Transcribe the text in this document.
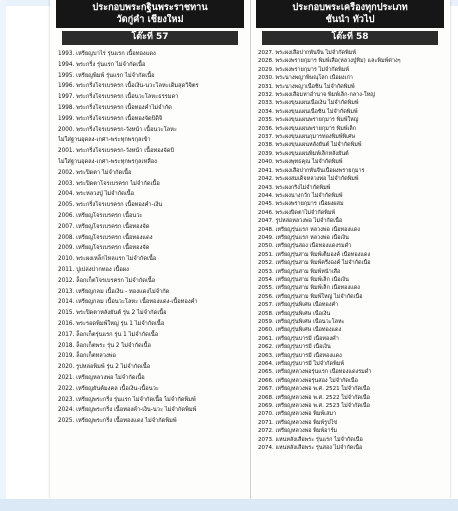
ประกอบพระกฐินพระราชทาน
วัดกู่คำ เชียงใหม่
โต๊ะที่ 57
1993. เหรียญบาไร่ รุ่นแรก เนื้อทองแดง
1994. พระกริ่ง รุ่นแรก ไม่จำกัดเนื้อ
1995. เหรียญพิมพ์ รุ่นแรก ไม่จำกัดเนื้อ
1996. พระกริ่งโจรเบรครก เนื้อเงิน-นวะโลหะเดิมสุดวิจิตร
1997. พระกริ่งโจรเบรครก เนื้อนวะโลหะธรรมดา
1998. พระกริ่งโจรเบรครก เนื้อทองคำไม่จำกัด
1999. พระกริ่งโจรเบรครก เนื้อทองจัดบิดิจิ
2000. พระกริ่งโจรเบรครก-วังหน้า เนื้อนวะโลหะ
ไม่ใส่ฐานอุดลง-เกศา-พระทุกพรกุลเข้า
2001. พระกริ่งโจรเบรครก-วังหน้า เนื้อทองจัดบิ
ไม่ใส่ฐานอุดลง-เกศา-พระทุกพรกุลเหลือง
2002. พระปิดตา ไม่จำกัดเนื้อ
2003. พระปิดตาโจรเบรครก ไม่จำกัดเนื้อ
2004. พระหลวงปู่ ไม่จำกัดเนื้อ
2005. พระกริ่งโจรเบรครก เนื้อทองคำ-เงิน
2006. เหรียญโจรเบรครก เนื้อนวะ
2007. เหรียญโจรเบรครก เนื้อทองจัด
2008. เหรียญโจรเบรครก เนื้อทองแดง
2009. เหรียญโจรเบรครก เนื้อทองจัด
2010. พระผงเหล็กไหลแรก ไม่จำกัดเนื้อ
2011. ปูเปล่งปากทอง เนื้อผง
2012. ล็อกเก็ตโจรเบรครก ไม่จำกัดเนื้อ
2013. เหรียญกลม เนื้อเงิน - ทองแดงไม่จำกัด
2014. เหรียญกลม เนื้อนวะโลหะ เนื้อทองแดง-เนื้อทองคำ
2015. พระปิดตาหลังยันต์ รุ่น 2 ไม่จำกัดเนื้อ
2016. พระรอดพิมพ์ใหญ่ รุ่น 1 ไม่จำกัดเนื้อ
2017. ล็อกเก็ตรุ่นแรก รุ่น 1 ไม่จำกัดเนื้อ
2018. ล็อกเก็ตพระ รุ่น 2 ไม่จำกัดเนื้อ
2019. ล็อกเก็ตหลวงพ่อ
2020. รูปหล่อพิมพ์ รุ่น 2 ไม่จำกัดเนื้อ
2021. เหรียญหลวงพ่อ ไม่จำกัดเนื้อ
2022. เหรียญยันต์มงคล เนื้อเงิน-เนื้อนวะ
2023. เหรียญพระกริ่ง รุ่นแรก ไม่จำกัดเนื้อ ไม่จำกัดพิมพ์
2024. เหรียญพระกริ่ง เนื้อทองคำ-เงิน-นวะ ไม่จำกัดพิมพ์
2025. เหรียญพระกริ่ง เนื้อทองแดง ไม่จำกัดพิมพ์
ประกอบพระเครื่องทุกประเภท
ชั้นนำ ทั่วไป
โต๊ะที่ 58
2027. พระผงเสือปากพันจีน ไม่จำกัดพิมพ์
2028. พระผงพรายกุมาร พิมพ์เสือ(หลวงปู่ทิม) และพิมพ์ต่างๆ
2029. พระผงพรายกุมาร ไม่จำกัดพิมพ์
2030. พระนางพญาพิษณุโลก เนื้อผงเก่า
2031. พระนางพญาเนื้อชิน ไม่จำกัดพิมพ์
2032. พระผงเสือมหาอำนาจ พิมพ์เล็ก-กลาง-ใหญ่
2033. พระผงขุนแผนเนื้อเงิน ไม่จำกัดพิมพ์
2034. พระผงขุนแผนเนื้อชิน ไม่จำกัดพิมพ์
2035. พระผงขุนแผนพรายกุมาร พิมพ์ใหญ่
2036. พระผงขุนแผนพรายกุมาร พิมพ์เล็ก
2037. พระผงขุนแผนกุมารทองพิมพ์พิเศษ
2038. พระผงขุนแผนหลังยันต์ ไม่จำกัดพิมพ์
2039. พระผงขุนแผนพิมพ์เล็กหลังยันต์
2040. พระผงพุทธคุณ ไม่จำกัดพิมพ์
2041. พระผงเสือปากพันจีนเนื้อผงพรายกุมาร
2042. พระผงสมเด็จหลวงพ่อ ไม่จำกัดพิมพ์
2043. พระผงกริ่งไม่จำกัดพิมพ์
2044. พระผงนางกวัก ไม่จำกัดพิมพ์
2045. พระผงพรายกุมาร เนื้อผงผสม
2046. พระผงปิดตาไม่จำกัดพิมพ์
2047. รูปหล่อหลวงพ่อ ไม่จำกัดเนื้อ
2048. เหรียญรุ่นแรก หลวงพ่อ เนื้อทองแดง
2049. เหรียญรุ่นแรก หลวงพ่อ เนื้อเงิน
2050. เหรียญรุ่นสอง เนื้อทองแดงรมดำ
2051. เหรียญรุ่นสาม พิมพ์เต็มองค์ เนื้อทองแดง
2052. เหรียญรุ่นสาม พิมพ์ครึ่งองค์ ไม่จำกัดเนื้อ
2053. เหรียญรุ่นสาม พิมพ์หน้าเสือ
2054. เหรียญรุ่นสาม พิมพ์เล็ก เนื้อเงิน
2055. เหรียญรุ่นสาม พิมพ์เล็ก เนื้อทองแดง
2056. เหรียญรุ่นสาม พิมพ์ใหญ่ ไม่จำกัดเนื้อ
2057. เหรียญรุ่นพิเศษ เนื้อทองคำ
2058. เหรียญรุ่นพิเศษ เนื้อเงิน
2059. เหรียญรุ่นพิเศษ เนื้อนวะโลหะ
2060. เหรียญรุ่นพิเศษ เนื้อทองแดง
2061. เหรียญรุ่นบารมี เนื้อทองคำ
2062. เหรียญรุ่นบารมี เนื้อเงิน
2063. เหรียญรุ่นบารมี เนื้อทองแดง
2064. เหรียญรุ่นบารมี ไม่จำกัดพิมพ์
2065. เหรียญหลวงพ่อรุ่นแรก เนื้อทองแดงรมดำ
2066. เหรียญหลวงพ่อรุ่นสอง ไม่จำกัดเนื้อ
2067. เหรียญหลวงพ่อ พ.ศ. 2521 ไม่จำกัดเนื้อ
2068. เหรียญหลวงพ่อ พ.ศ. 2522 ไม่จำกัดเนื้อ
2069. เหรียญหลวงพ่อ พ.ศ. 2523 ไม่จำกัดเนื้อ
2070. เหรียญหลวงพ่อ พิมพ์เสมา
2071. เหรียญหลวงพ่อ พิมพ์รูปไข่
2072. เหรียญหลวงพ่อ พิมพ์อาร์ม
2073. แหนหลังเสือพระ รุ่นแรก ไม่จำกัดเนื้อ
2074. แหนหลังเสือพระ รุ่นสอง ไม่จำกัดเนื้อ
